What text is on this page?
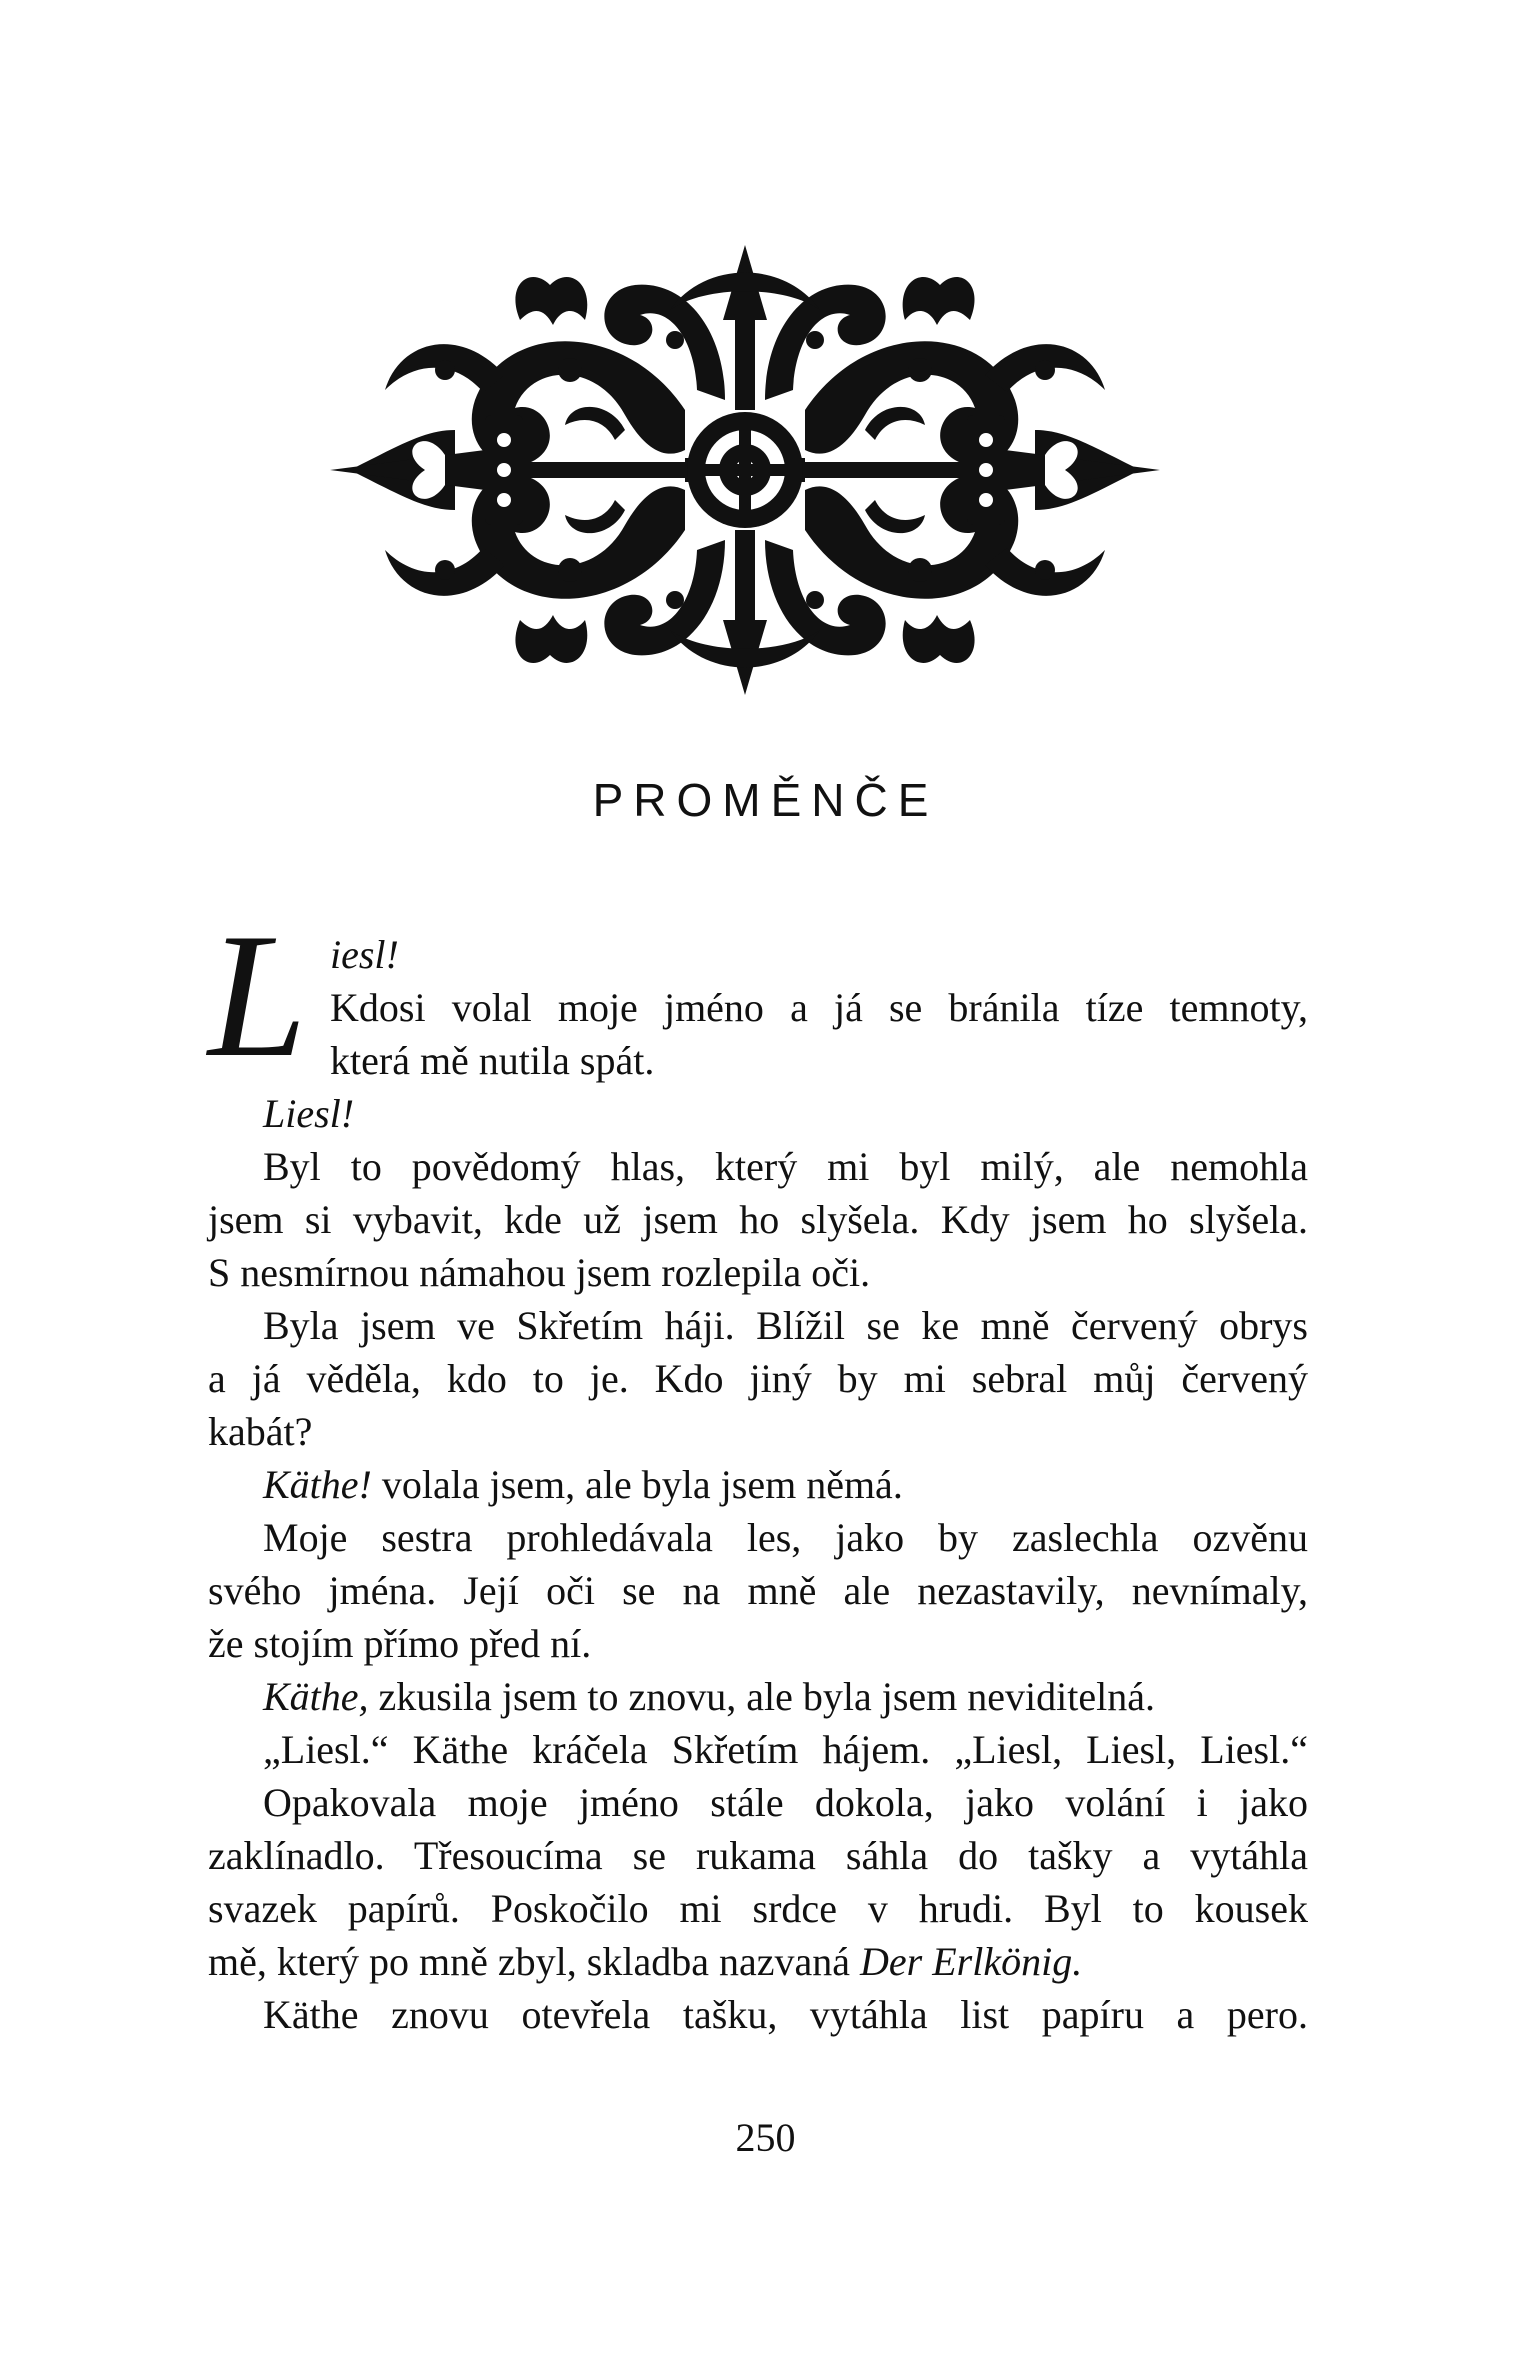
PROMĚNČE
L iesl!
Kdosi volal moje jméno a já se bránila tíze temnoty,
která mě nutila spát.
Liesl!
Byl to povědomý hlas, který mi byl milý, ale nemohla
jsem si vybavit, kde už jsem ho slyšela. Kdy jsem ho slyšela.
S nesmírnou námahou jsem rozlepila oči.
Byla jsem ve Skřetím háji. Blížil se ke mně červený obrys
a já věděla, kdo to je. Kdo jiný by mi sebral můj červený
kabát?
Käthe! volala jsem, ale byla jsem němá.
Moje sestra prohledávala les, jako by zaslechla ozvěnu
svého jména. Její oči se na mně ale nezastavily, nevnímaly,
že stojím přímo před ní.
Käthe, zkusila jsem to znovu, ale byla jsem neviditelná.
„Liesl.“ Käthe kráčela Skřetím hájem. „Liesl, Liesl, Liesl.“
Opakovala moje jméno stále dokola, jako volání i jako
zaklínadlo. Třesoucíma se rukama sáhla do tašky a vytáhla
svazek papírů. Poskočilo mi srdce v hrudi. Byl to kousek
mě, který po mně zbyl, skladba nazvaná Der Erlkönig.
Käthe znovu otevřela tašku, vytáhla list papíru a pero.
250
